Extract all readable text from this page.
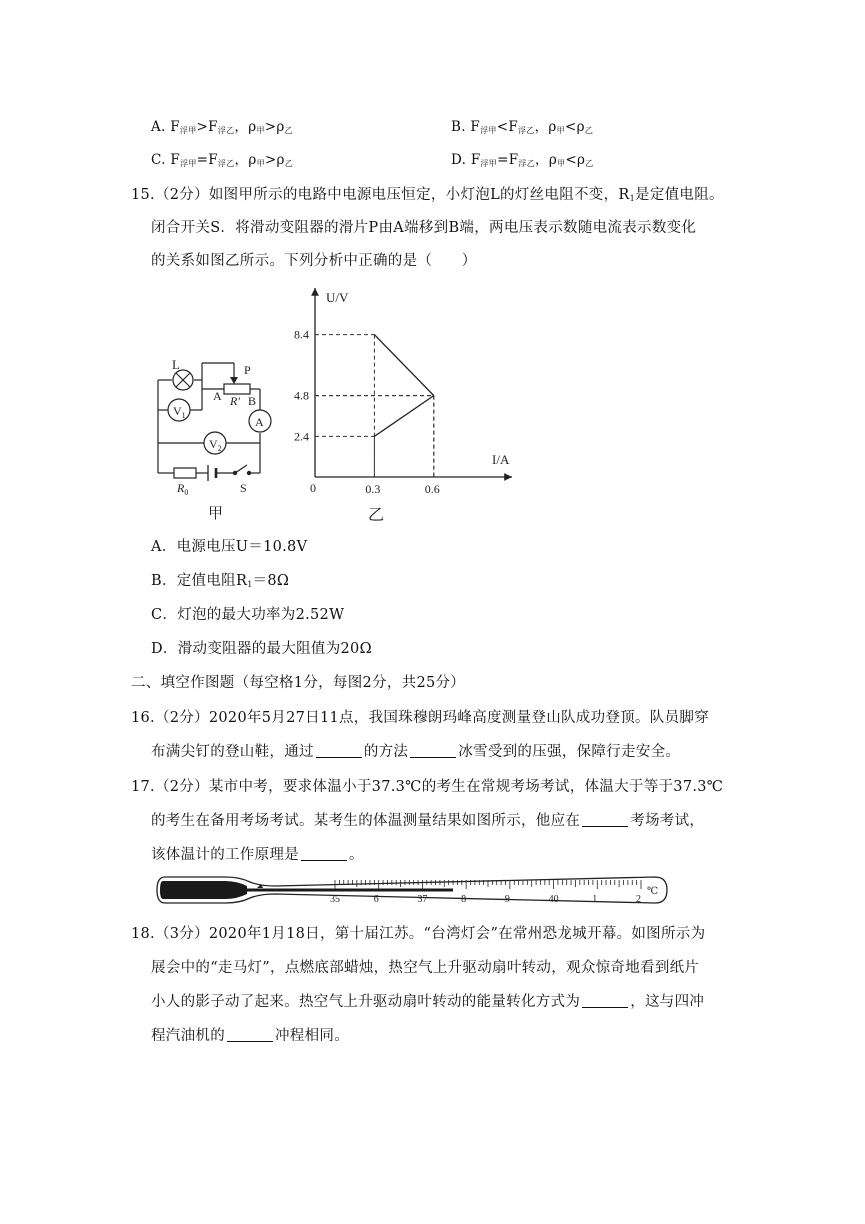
A. $F_{浮甲}>F_{浮乙}$，$\rho_甲>\rho_乙$	B. $F_{浮甲}<F_{浮乙}$，$\rho_甲<\rho_乙$
C. $F_{浮甲}=F_{浮乙}$，$\rho_甲>\rho_乙$	D. $F_{浮甲}=F_{浮乙}$，$\rho_甲<\rho_乙$
15.（2分）如图甲所示的电路中电源电压恒定，小灯泡L的灯丝电阻不变，$R_1$是定值电阻。
闭合开关S．将滑动变阻器的滑片P由A端移到B端，两电压表示数随电流表示数变化
的关系如图乙所示。下列分析中正确的是（　　）
L	P
A R′ B
$V_1$	A
$V_2$
$R_0$	S
甲
U/V
I/A
0
2.4
4.8
8.4
0.3	0.6
乙
A．电源电压U＝10.8V
B．定值电阻$R_1=8\Omega$
C．灯泡的最大功率为2.52W
D．滑动变阻器的最大阻值为20Ω
二、填空作图题（每空格1分，每图2分，共25分）
16.（2分）2020年5月27日11点，我国珠穆朗玛峰高度测量登山队成功登顶。队员脚穿
布满尖钉的登山鞋，通过	的方法	冰雪受到的压强，保障行走安全。
17.（2分）某市中考，要求体温小于37.3℃的考生在常规考场考试，体温大于等于37.3℃
的考生在备用考场考试。某考生的体温测量结果如图所示，他应在	考场考试，
该体温计的工作原理是	。
35	6	37	8	9	40	1	2
℃
18.（3分）2020年1月18日，第十届江苏。“台湾灯会”在常州恐龙城开幕。如图所示为
展会中的“走马灯”，点燃底部蜡烛，热空气上升驱动扇叶转动，观众惊奇地看到纸片
小人的影子动了起来。热空气上升驱动扇叶转动的能量转化方式为	，这与四冲
程汽油机的	冲程相同。
